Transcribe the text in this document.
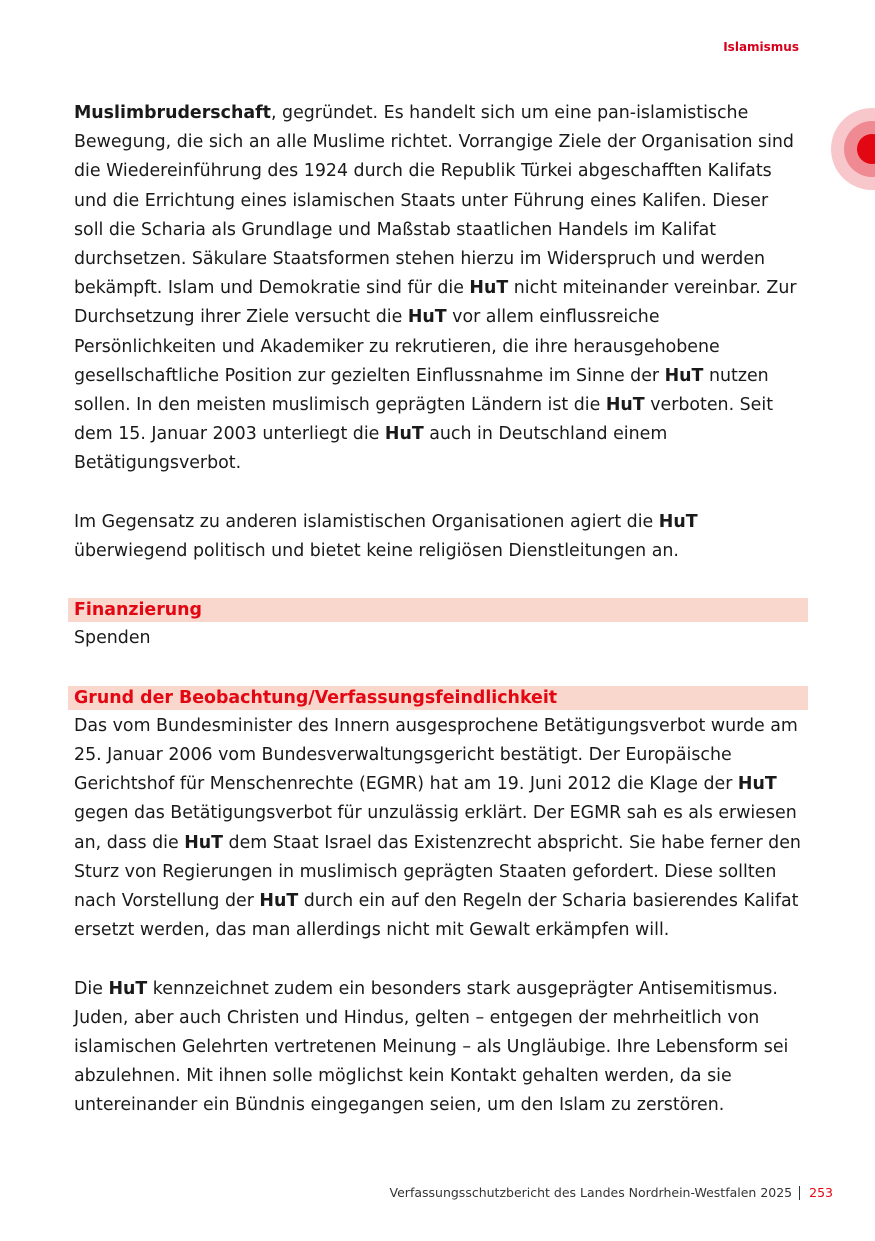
Islamismus

Muslimbruderschaft, gegründet. Es handelt sich um eine pan-islamistische Bewegung, die sich an alle Muslime richtet. Vorrangige Ziele der Organisation sind die Wiedereinführung des 1924 durch die Republik Türkei abgeschafften Kalifats und die Errichtung eines islamischen Staats unter Führung eines Kalifen. Dieser soll die Scharia als Grundlage und Maßstab staatlichen Handels im Kalifat durchsetzen. Säkulare Staatsformen stehen hierzu im Widerspruch und werden bekämpft. Islam und Demokratie sind für die HuT nicht miteinander vereinbar. Zur Durchsetzung ihrer Ziele versucht die HuT vor allem einflussreiche Persönlichkeiten und Akademiker zu rekrutieren, die ihre herausgehobene gesellschaftliche Position zur gezielten Einflussnahme im Sinne der HuT nutzen sollen. In den meisten muslimisch geprägten Ländern ist die HuT verboten. Seit dem 15. Januar 2003 unterliegt die HuT auch in Deutschland einem Betätigungsverbot.

Im Gegensatz zu anderen islamistischen Organisationen agiert die HuT überwiegend politisch und bietet keine religiösen Dienstleitungen an.

Finanzierung

Spenden

Grund der Beobachtung/Verfassungsfeindlichkeit

Das vom Bundesminister des Innern ausgesprochene Betätigungsverbot wurde am 25. Januar 2006 vom Bundesverwaltungsgericht bestätigt. Der Europäische Gerichtshof für Menschenrechte (EGMR) hat am 19. Juni 2012 die Klage der HuT gegen das Betätigungsverbot für unzulässig erklärt. Der EGMR sah es als erwiesen an, dass die HuT dem Staat Israel das Existenzrecht abspricht. Sie habe ferner den Sturz von Regierungen in muslimisch geprägten Staaten gefordert. Diese sollten nach Vorstellung der HuT durch ein auf den Regeln der Scharia basierendes Kalifat ersetzt werden, das man allerdings nicht mit Gewalt erkämpfen will.

Die HuT kennzeichnet zudem ein besonders stark ausgeprägter Antisemitismus. Juden, aber auch Christen und Hindus, gelten – entgegen der mehrheitlich von islamischen Gelehrten vertretenen Meinung – als Ungläubige. Ihre Lebensform sei abzulehnen. Mit ihnen solle möglichst kein Kontakt gehalten werden, da sie untereinander ein Bündnis eingegangen seien, um den Islam zu zerstören.

Verfassungsschutzbericht des Landes Nordrhein-Westfalen 2025 253
